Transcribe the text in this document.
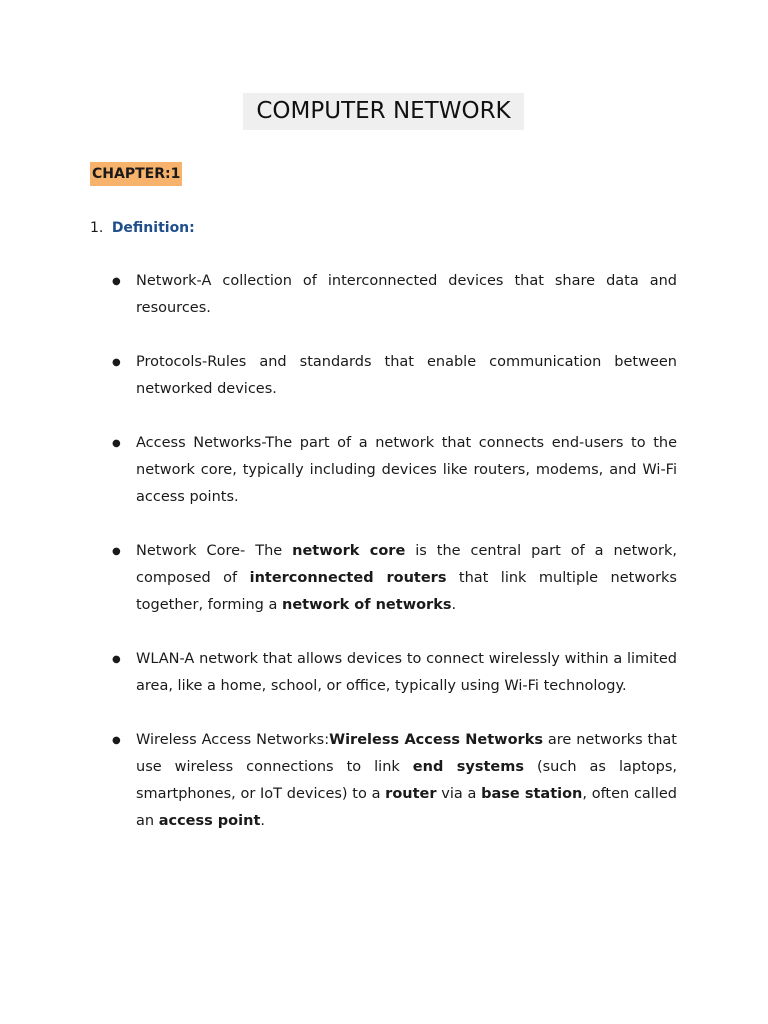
COMPUTER NETWORK
CHAPTER:1
1. Definition:
● Network-A collection of interconnected devices that share data and resources.
● Protocols-Rules and standards that enable communication between networked devices.
● Access Networks-The part of a network that connects end-users to the network core, typically including devices like routers, modems, and Wi-Fi access points.
● Network Core- The network core is the central part of a network, composed of interconnected routers that link multiple networks together, forming a network of networks.
● WLAN-A network that allows devices to connect wirelessly within a limited area, like a home, school, or office, typically using Wi-Fi technology.
● Wireless Access Networks:Wireless Access Networks are networks that use wireless connections to link end systems (such as laptops, smartphones, or IoT devices) to a router via a base station, often called an access point.
